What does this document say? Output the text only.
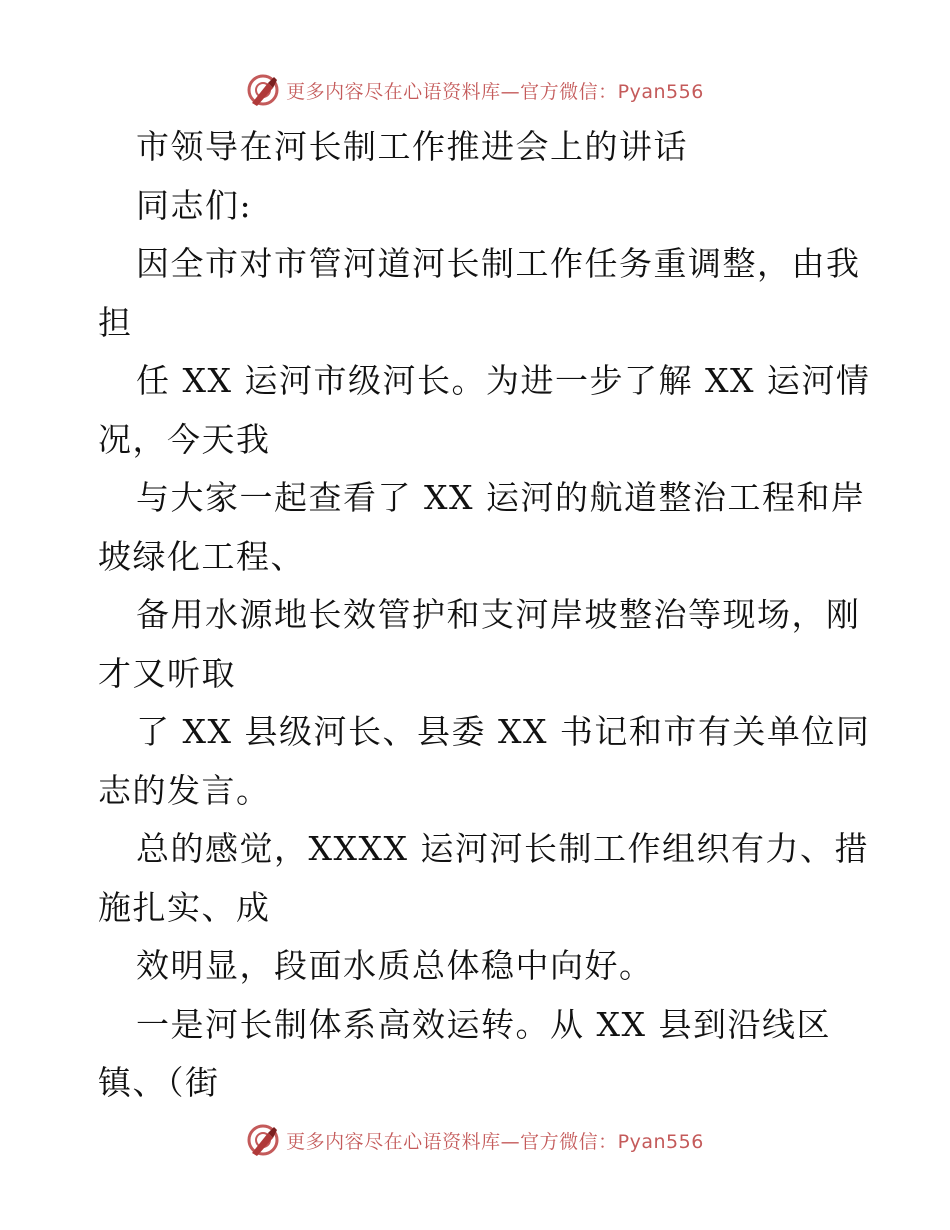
更多内容尽在心语资料库—官方微信：Pyan556
市领导在河长制工作推进会上的讲话
同志们:
因全市对市管河道河长制工作任务重调整，由我
担
任 XX 运河市级河长。为进一步了解 XX 运河情
况，今天我
与大家一起查看了 XX 运河的航道整治工程和岸
坡绿化工程、
备用水源地长效管护和支河岸坡整治等现场，刚
才又听取
了 XX 县级河长、县委 XX 书记和市有关单位同
志的发言。
总的感觉，XXXX 运河河长制工作组织有力、措
施扎实、成
效明显，段面水质总体稳中向好。
一是河长制体系高效运转。从 XX 县到沿线区
镇、（街
更多内容尽在心语资料库—官方微信：Pyan556
